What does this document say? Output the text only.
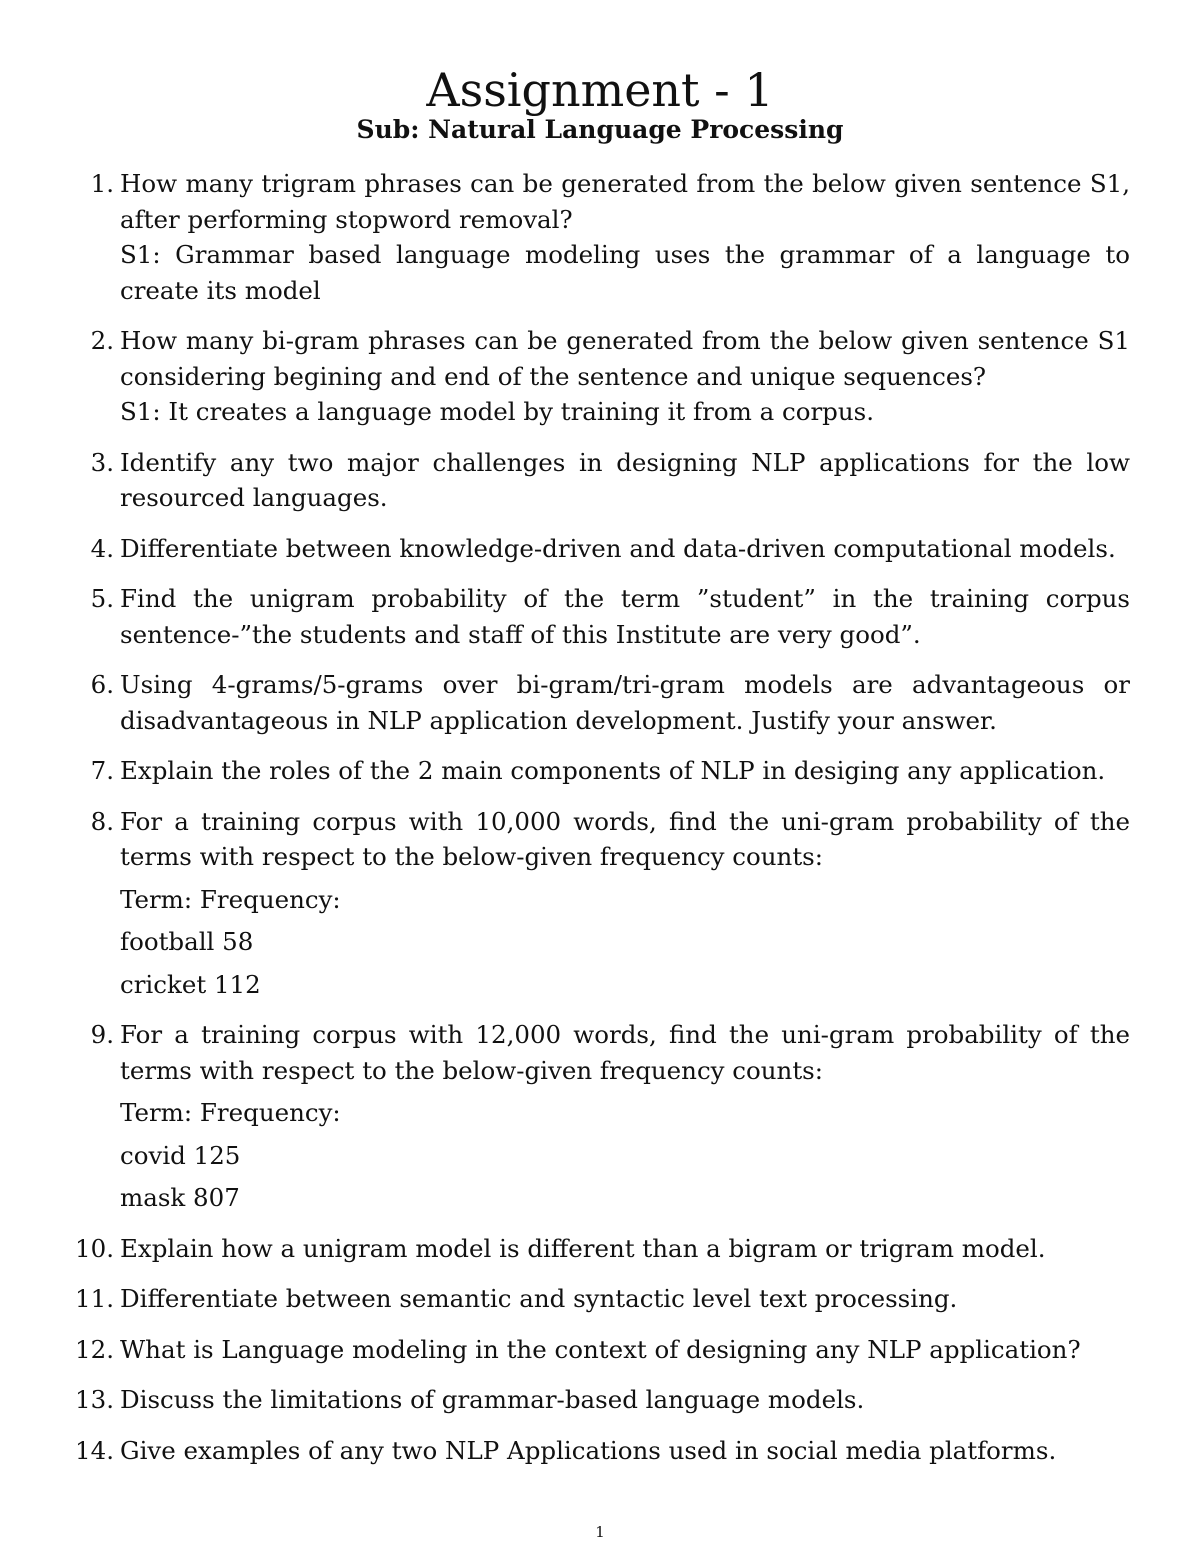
Assignment - 1
Sub: Natural Language Processing
1. How many trigram phrases can be generated from the below given sentence S1, after performing stopword removal?
S1: Grammar based language modeling uses the grammar of a language to create its model
2. How many bi-gram phrases can be generated from the below given sentence S1 considering begining and end of the sentence and unique sequences?
S1: It creates a language model by training it from a corpus.
3. Identify any two major challenges in designing NLP applications for the low resourced languages.
4. Differentiate between knowledge-driven and data-driven computational models.
5. Find the unigram probability of the term ”student” in the training corpus sentence-”the students and staff of this Institute are very good”.
6. Using 4-grams/5-grams over bi-gram/tri-gram models are advantageous or disadvantageous in NLP application development. Justify your answer.
7. Explain the roles of the 2 main components of NLP in desiging any application.
8. For a training corpus with 10,000 words, find the uni-gram probability of the terms with respect to the below-given frequency counts:
Term: Frequency:
football 58
cricket 112
9. For a training corpus with 12,000 words, find the uni-gram probability of the terms with respect to the below-given frequency counts:
Term: Frequency:
covid 125
mask 807
10. Explain how a unigram model is different than a bigram or trigram model.
11. Differentiate between semantic and syntactic level text processing.
12. What is Language modeling in the context of designing any NLP application?
13. Discuss the limitations of grammar-based language models.
14. Give examples of any two NLP Applications used in social media platforms.
1
